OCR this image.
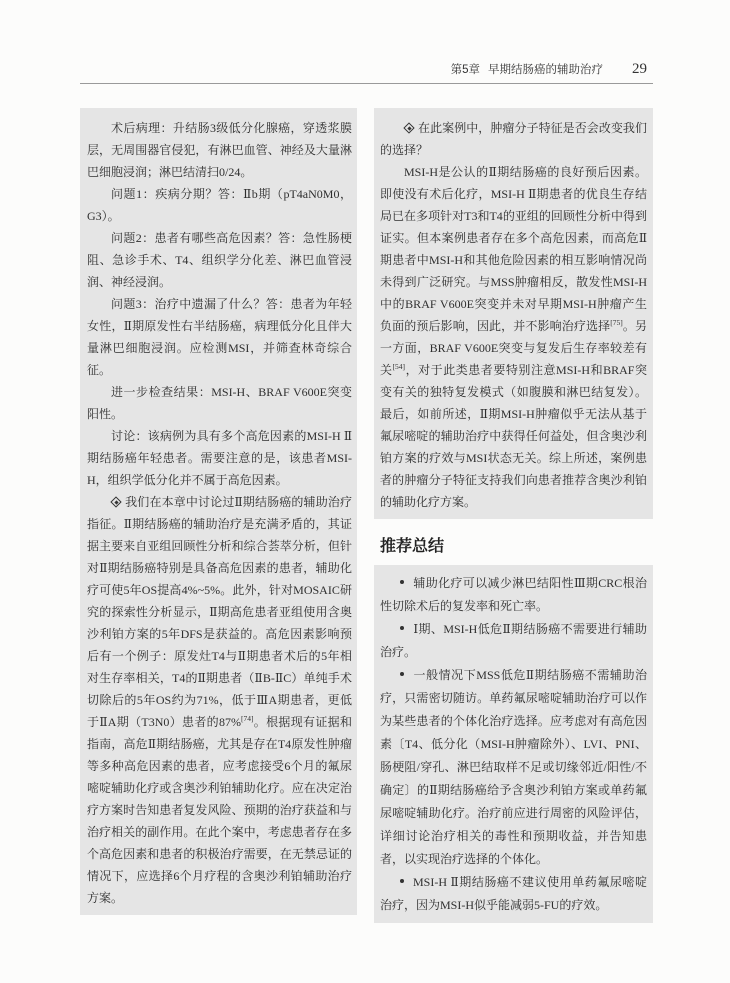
第5章 早期结肠癌的辅助治疗 29

术后病理：升结肠3级低分化腺癌，穿透浆膜层，无周围器官侵犯，有淋巴血管、神经及大量淋巴细胞浸润；淋巴结清扫0/24。

问题1：疾病分期？答：Ⅱb期（pT4aN0M0，G3）。

问题2：患者有哪些高危因素？答：急性肠梗阻、急诊手术、T4、组织学分化差、淋巴血管浸润、神经浸润。

问题3：治疗中遗漏了什么？答：患者为年轻女性，Ⅱ期原发性右半结肠癌，病理低分化且伴大量淋巴细胞浸润。应检测MSI，并筛查林奇综合征。

进一步检查结果：MSI-H、BRAF V600E突变阳性。

讨论：该病例为具有多个高危因素的MSI-H Ⅱ期结肠癌年轻患者。需要注意的是，该患者MSI-H，组织学低分化并不属于高危因素。

我们在本章中讨论过Ⅱ期结肠癌的辅助治疗指征。Ⅱ期结肠癌的辅助治疗是充满矛盾的，其证据主要来自亚组回顾性分析和综合荟萃分析，但针对Ⅱ期结肠癌特别是具备高危因素的患者，辅助化疗可使5年OS提高4%~5%。此外，针对MOSAIC研究的探索性分析显示，Ⅱ期高危患者亚组使用含奥沙利铂方案的5年DFS是获益的。高危因素影响预后有一个例子：原发灶T4与Ⅱ期患者术后的5年相对生存率相关，T4的Ⅱ期患者（ⅡB-ⅡC）单纯手术切除后的5年OS约为71%，低于ⅢA期患者，更低于ⅡA期（T3N0）患者的87%[74]。根据现有证据和指南，高危Ⅱ期结肠癌，尤其是存在T4原发性肿瘤等多种高危因素的患者，应考虑接受6个月的氟尿嘧啶辅助化疗或含奥沙利铂辅助化疗。应在决定治疗方案时告知患者复发风险、预期的治疗获益和与治疗相关的副作用。在此个案中，考虑患者存在多个高危因素和患者的积极治疗需要，在无禁忌证的情况下，应选择6个月疗程的含奥沙利铂辅助治疗方案。

在此案例中，肿瘤分子特征是否会改变我们的选择？

MSI-H是公认的Ⅱ期结肠癌的良好预后因素。即使没有术后化疗，MSI-H Ⅱ期患者的优良生存结局已在多项针对T3和T4的亚组的回顾性分析中得到证实。但本案例患者存在多个高危因素，而高危Ⅱ期患者中MSI-H和其他危险因素的相互影响情况尚未得到广泛研究。与MSS肿瘤相反，散发性MSI-H中的BRAF V600E突变并未对早期MSI-H肿瘤产生负面的预后影响，因此，并不影响治疗选择[75]。另一方面，BRAF V600E突变与复发后生存率较差有关[54]，对于此类患者要特别注意MSI-H和BRAF突变有关的独特复发模式（如腹膜和淋巴结复发）。最后，如前所述，Ⅱ期MSI-H肿瘤似乎无法从基于氟尿嘧啶的辅助治疗中获得任何益处，但含奥沙利铂方案的疗效与MSI状态无关。综上所述，案例患者的肿瘤分子特征支持我们向患者推荐含奥沙利铂的辅助化疗方案。

推荐总结

辅助化疗可以减少淋巴结阳性Ⅲ期CRC根治性切除术后的复发率和死亡率。

Ⅰ期、MSI-H低危Ⅱ期结肠癌不需要进行辅助治疗。

一般情况下MSS低危Ⅱ期结肠癌不需辅助治疗，只需密切随访。单药氟尿嘧啶辅助治疗可以作为某些患者的个体化治疗选择。应考虑对有高危因素〔T4、低分化（MSI-H肿瘤除外）、LVI、PNI、肠梗阻/穿孔、淋巴结取样不足或切缘邻近/阳性/不确定〕的Ⅱ期结肠癌给予含奥沙利铂方案或单药氟尿嘧啶辅助化疗。治疗前应进行周密的风险评估，详细讨论治疗相关的毒性和预期收益，并告知患者，以实现治疗选择的个体化。

MSI-H Ⅱ期结肠癌不建议使用单药氟尿嘧啶治疗，因为MSI-H似乎能减弱5-FU的疗效。
